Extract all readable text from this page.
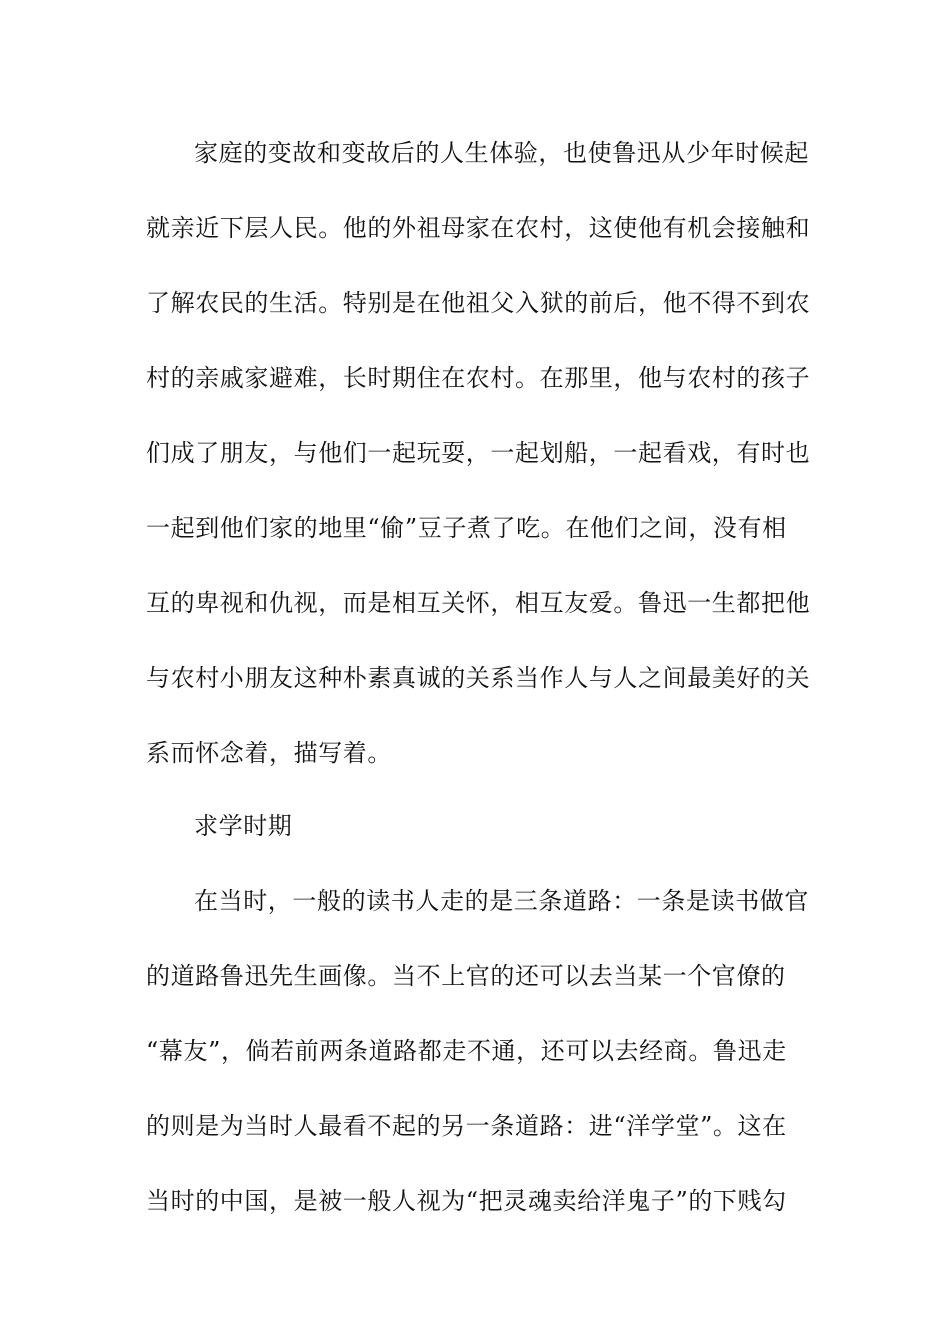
家庭的变故和变故后的人生体验，也使鲁迅从少年时候起
就亲近下层人民。他的外祖母家在农村，这使他有机会接触和
了解农民的生活。特别是在他祖父入狱的前后，他不得不到农
村的亲戚家避难，长时期住在农村。在那里，他与农村的孩子
们成了朋友，与他们一起玩耍，一起划船，一起看戏，有时也
一起到他们家的地里“偷”豆子煮了吃。在他们之间，没有相
互的卑视和仇视，而是相互关怀，相互友爱。鲁迅一生都把他
与农村小朋友这种朴素真诚的关系当作人与人之间最美好的关
系而怀念着，描写着。
求学时期
在当时，一般的读书人走的是三条道路：一条是读书做官
的道路鲁迅先生画像。当不上官的还可以去当某一个官僚的
“幕友”，倘若前两条道路都走不通，还可以去经商。鲁迅走
的则是为当时人最看不起的另一条道路：进“洋学堂”。这在
当时的中国，是被一般人视为“把灵魂卖给洋鬼子”的下贱勾
